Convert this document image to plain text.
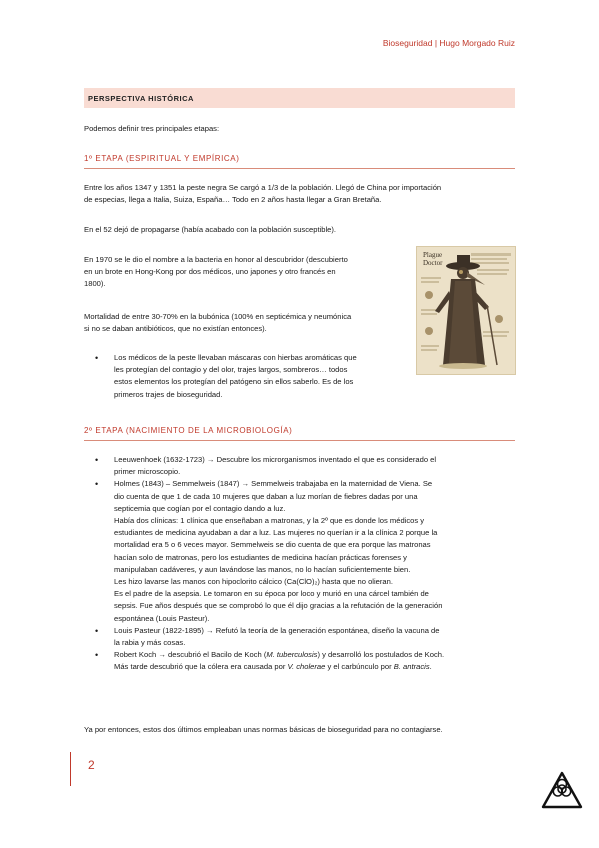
Bioseguridad | Hugo Morgado Ruiz
PERSPECTIVA HISTÓRICA
Podemos definir tres principales etapas:
1º ETAPA (ESPIRITUAL Y EMPÍRICA)
Entre los años 1347 y 1351 la peste negra Se cargó a 1/3 de la población. Llegó de China por importación
de especias, llega a Italia, Suiza, España… Todo en 2 años hasta llegar a Gran Bretaña.
En el 52 dejó de propagarse (había acabado con la población susceptible).
En 1970 se le dio el nombre a la bacteria en honor al descubridor (descubierto
en un brote en Hong-Kong por dos médicos, uno japones y otro francés en
1800).
Mortalidad de entre 30-70% en la bubónica (100% en septicémica y neumónica
si no se daban antibióticos, que no existían entonces).
• Los médicos de la peste llevaban máscaras con hierbas aromáticas que
les protegían del contagio y del olor, trajes largos, sombreros… todos
estos elementos los protegían del patógeno sin ellos saberlo. Es de los
primeros trajes de bioseguridad.
Plague Doctor
2º ETAPA (NACIMIENTO DE LA MICROBIOLOGÍA)
• Leeuwenhoek (1632-1723) → Descubre los microrganismos inventado el que es considerado el
primer microscopio.
• Holmes (1843) – Semmelweis (1847) → Semmelweis trabajaba en la maternidad de Viena. Se
dio cuenta de que 1 de cada 10 mujeres que daban a luz morían de fiebres dadas por una
septicemia que cogían por el contagio dando a luz.
Había dos clínicas: 1 clínica que enseñaban a matronas, y la 2º que es donde los médicos y
estudiantes de medicina ayudaban a dar a luz. Las mujeres no querían ir a la clínica 2 porque la
mortalidad era 5 o 6 veces mayor. Semmelweis se dio cuenta de que era porque las matronas
hacían solo de matronas, pero los estudiantes de medicina hacían prácticas forenses y
manipulaban cadáveres, y aun lavándose las manos, no lo hacían suficientemente bien.
Les hizo lavarse las manos con hipoclorito cálcico (Ca(ClO)₂) hasta que no olieran.
Es el padre de la asepsia. Le tomaron en su época por loco y murió en una cárcel también de
sepsis. Fue años después que se comprobó lo que él dijo gracias a la refutación de la generación
espontánea (Louis Pasteur).
• Louis Pasteur (1822-1895) → Refutó la teoría de la generación espontánea, diseño la vacuna de
la rabia y más cosas.
• Robert Koch → descubrió el Bacilo de Koch (M. tuberculosis) y desarrolló los postulados de Koch.
Más tarde descubrió que la cólera era causada por V. cholerae y el carbúnculo por B. antracis.
Ya por entonces, estos dos últimos empleaban unas normas básicas de bioseguridad para no contagiarse.
2
